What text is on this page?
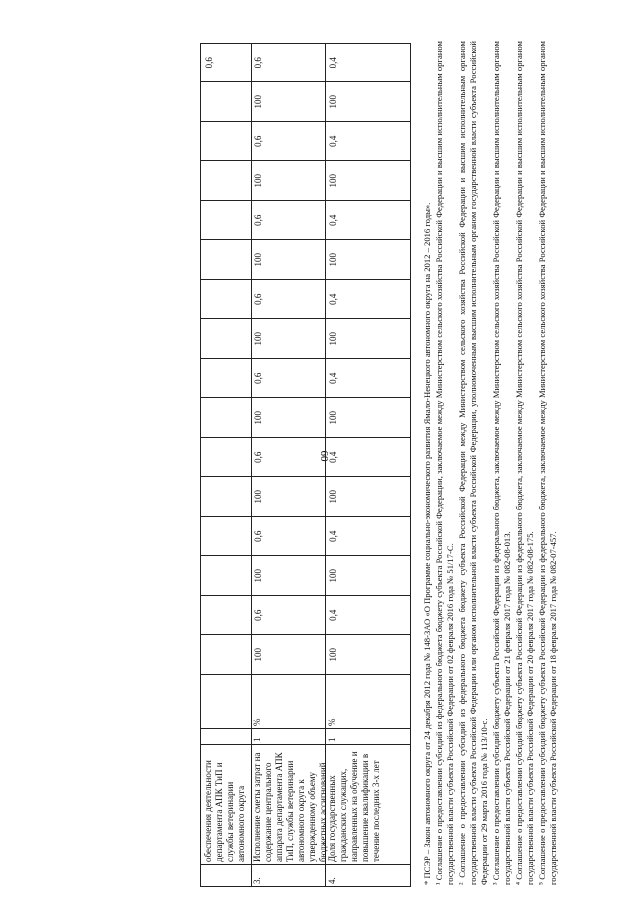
60
обеспечения деятельности департамента АПК ТиП и службы ветеринарии автономного округа
0,6
3.
Исполнение сметы затрат на содержание центрального аппарата департамента АПК ТиП, службы ветеринарии автономного округа к утвержденному объему бюджетных ассигнований
1
%
100
0,6
100
0,6
100
0,6
100
0,6
100
0,6
100
0,6
100
0,6
100
0,6
4.
Доля государственных гражданских служащих, направленных на обучение и повышение квалификации в течение последних 3-х лет
1
%
100
0,4
100
0,4
100
0,4
100
0,4
100
0,4
100
0,4
100
0,4
100
0,4

* ПСЭР – Закон автономного округа от 24 декабря 2012 года № 148-ЗАО «О Программе социально-экономического развития Ямало-Ненецкого автономного округа на 2012 – 2016 годы». ¹ Соглашение о предоставлении субсидий из федерального бюджета бюджету субъекта Российской Федерации, заключаемое между Министерством сельского хозяйства Российской Федерации и высшим исполнительным органом государственной власти субъекта Российской Федерации от 02 февраля 2016 года № 51/17-С. ² Соглашение о предоставлении субсидий из федерального бюджета бюджету субъекта Российской Федерации между Министерством сельского хозяйства Российской Федерации и высшим исполнительным органом государственной власти субъекта Российской Федерации или органом исполнительной власти субъекта Российской Федерации, уполномоченным высшим исполнительным органом государственной власти субъекта Российской Федерации от 29 марта 2016 года № 113/10-с. ³ Соглашение о предоставлении субсидий бюджету субъекта Российской Федерации из федерального бюджета, заключаемое между Министерством сельского хозяйства Российской Федерации и высшим исполнительным органом государственной власти субъекта Российской Федерации от 21 февраля 2017 года № 082-08-013. ⁴ Соглашение о предоставлении субсидий бюджету субъекта Российской Федерации из федерального бюджета, заключаемое между Министерством сельского хозяйства Российской Федерации и высшим исполнительным органом государственной власти субъекта Российской Федерации от 20 февраля 2017 года № 082-08-175. ⁵ Соглашение о предоставлении субсидий бюджету субъекта Российской Федерации из федерального бюджета, заключаемое между Министерством сельского хозяйства Российской Федерации и высшим исполнительным органом государственной власти субъекта Российской Федерации от 18 февраля 2017 года № 082-07-457.
